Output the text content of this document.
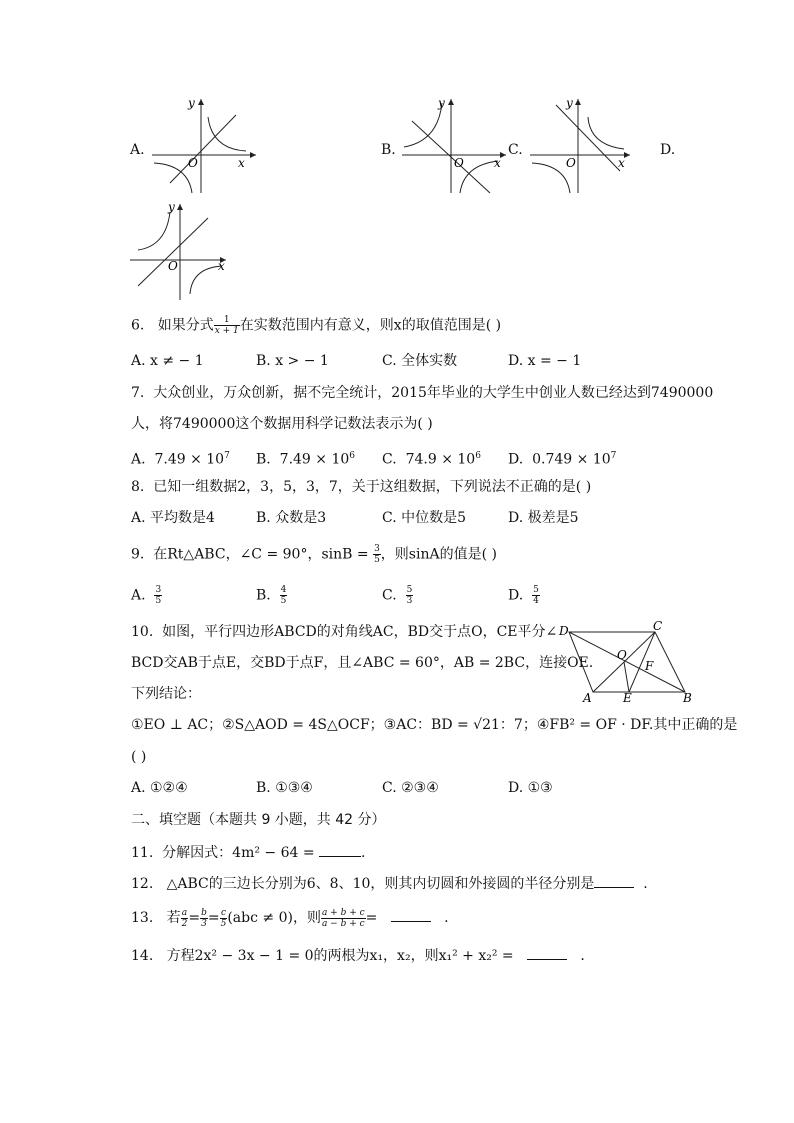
A.
y
x
O
B.
y
x
O
C.
y
x
O
D.
y
x
O
6. 如果分式 $\frac{1}{x + 1}$ 在实数范围内有意义，则x的取值范围是( )
A. x ≠ − 1	B. x > − 1	C. 全体实数	D. x = − 1
7. 大众创业，万众创新，据不完全统计，2015年毕业的大学生中创业人数已经达到7490000
人，将7490000这个数据用科学记数法表示为( )
A. $7.49 \times 10^7$ B. $7.49 \times 10^6$ C. $74.9 \times 10^6$ D. $0.749 \times 10^7$
8. 已知一组数据2，3，5，3，7，关于这组数据，下列说法不正确的是( )
A. 平均数是4	B. 众数是3	C. 中位数是5	D. 极差是5
9. 在Rt△ABC，∠C = 90°，$\sin B = \frac{3}{5}$ ，则sinA的值是( )
A. $\frac{3}{5}$	B. $\frac{4}{5}$	C. $\frac{5}{3}$	D. $\frac{5}{4}$
10. 如图，平行四边形ABCD的对角线AC，BD交于点O，CE平分∠
BCD交AB于点E，交BD于点F，且∠ABC = 60°，AB = 2BC，连接OE.
下列结论：
①EO ⊥ AC；②S△AOD = 4S△OCF；③AC：BD = √21：7；④FB² = OF · DF.其中正确的是
( )
A. ①②④	B. ①③④	C. ②③④	D. ①③
D	C
O
F
A	E	B
二、填空题（本题共 9 小题，共 42 分）
11. 分解因式：4m² − 64 =	.
12. △ABC的三边长分别为6、8、10，则其内切圆和外接圆的半径分别是	.
13. 若 $\frac{a}{2} = \frac{b}{3} = \frac{c}{5} (abc \ne 0)$，则 $\frac{a + b + c}{a - b + c}$ =	.
14. 方程2x² − 3x − 1 = 0的两根为x₁，x₂，则x₁² + x₂² =	.
